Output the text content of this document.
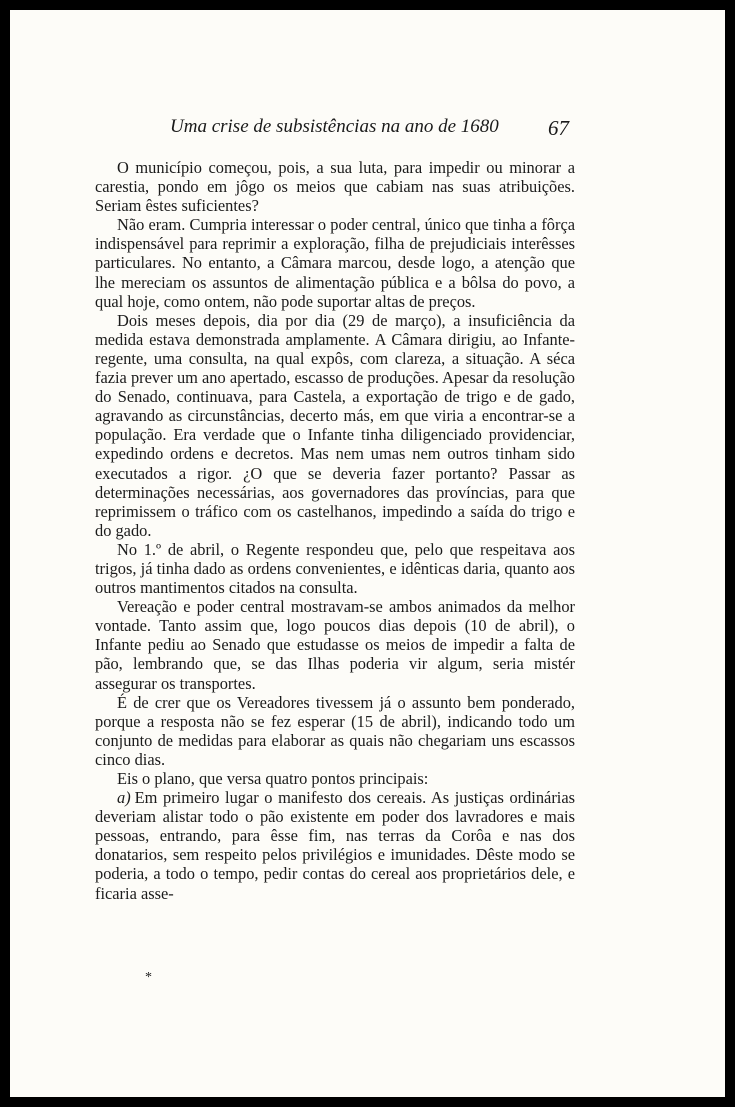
Uma crise de subsistências na ano de 1680 67

O município começou, pois, a sua luta, para impedir ou minorar a carestia, pondo em jôgo os meios que cabiam nas suas atribuições. Seriam êstes suficientes?

Não eram. Cumpria interessar o poder central, único que tinha a fôrça indispensável para reprimir a exploração, filha de prejudiciais interêsses particulares. No entanto, a Câmara marcou, desde logo, a atenção que lhe mereciam os assuntos de alimentação pública e a bôlsa do povo, a qual hoje, como ontem, não pode suportar altas de preços.

Dois meses depois, dia por dia (29 de março), a insuficiência da medida estava demonstrada amplamente. A Câmara dirigiu, ao Infante-regente, uma consulta, na qual expôs, com clareza, a situação. A séca fazia prever um ano apertado, escasso de produções. Apesar da resolução do Senado, continuava, para Castela, a exportação de trigo e de gado, agravando as circunstâncias, decerto más, em que viria a encontrar-se a população. Era verdade que o Infante tinha diligenciado providenciar, expedindo ordens e decretos. Mas nem umas nem outros tinham sido executados a rigor. ¿O que se deveria fazer portanto? Passar as determinações necessárias, aos governadores das províncias, para que reprimissem o tráfico com os castelhanos, impedindo a saída do trigo e do gado.

No 1.º de abril, o Regente respondeu que, pelo que respeitava aos trigos, já tinha dado as ordens convenientes, e idênticas daria, quanto aos outros mantimentos citados na consulta.

Vereação e poder central mostravam-se ambos animados da melhor vontade. Tanto assim que, logo poucos dias depois (10 de abril), o Infante pediu ao Senado que estudasse os meios de impedir a falta de pão, lembrando que, se das Ilhas poderia vir algum, seria mistér assegurar os transportes.

É de crer que os Vereadores tivessem já o assunto bem ponderado, porque a resposta não se fez esperar (15 de abril), indicando todo um conjunto de medidas para elaborar as quais não chegariam uns escassos cinco dias.

Eis o plano, que versa quatro pontos principais:

a) Em primeiro lugar o manifesto dos cereais. As justiças ordinárias deveriam alistar todo o pão existente em poder dos lavradores e mais pessoas, entrando, para êsse fim, nas terras da Corôa e nas dos donatarios, sem respeito pelos privilégios e imunidades. Dêste modo se poderia, a todo o tempo, pedir contas do cereal aos proprietários dele, e ficaria asse-

*
